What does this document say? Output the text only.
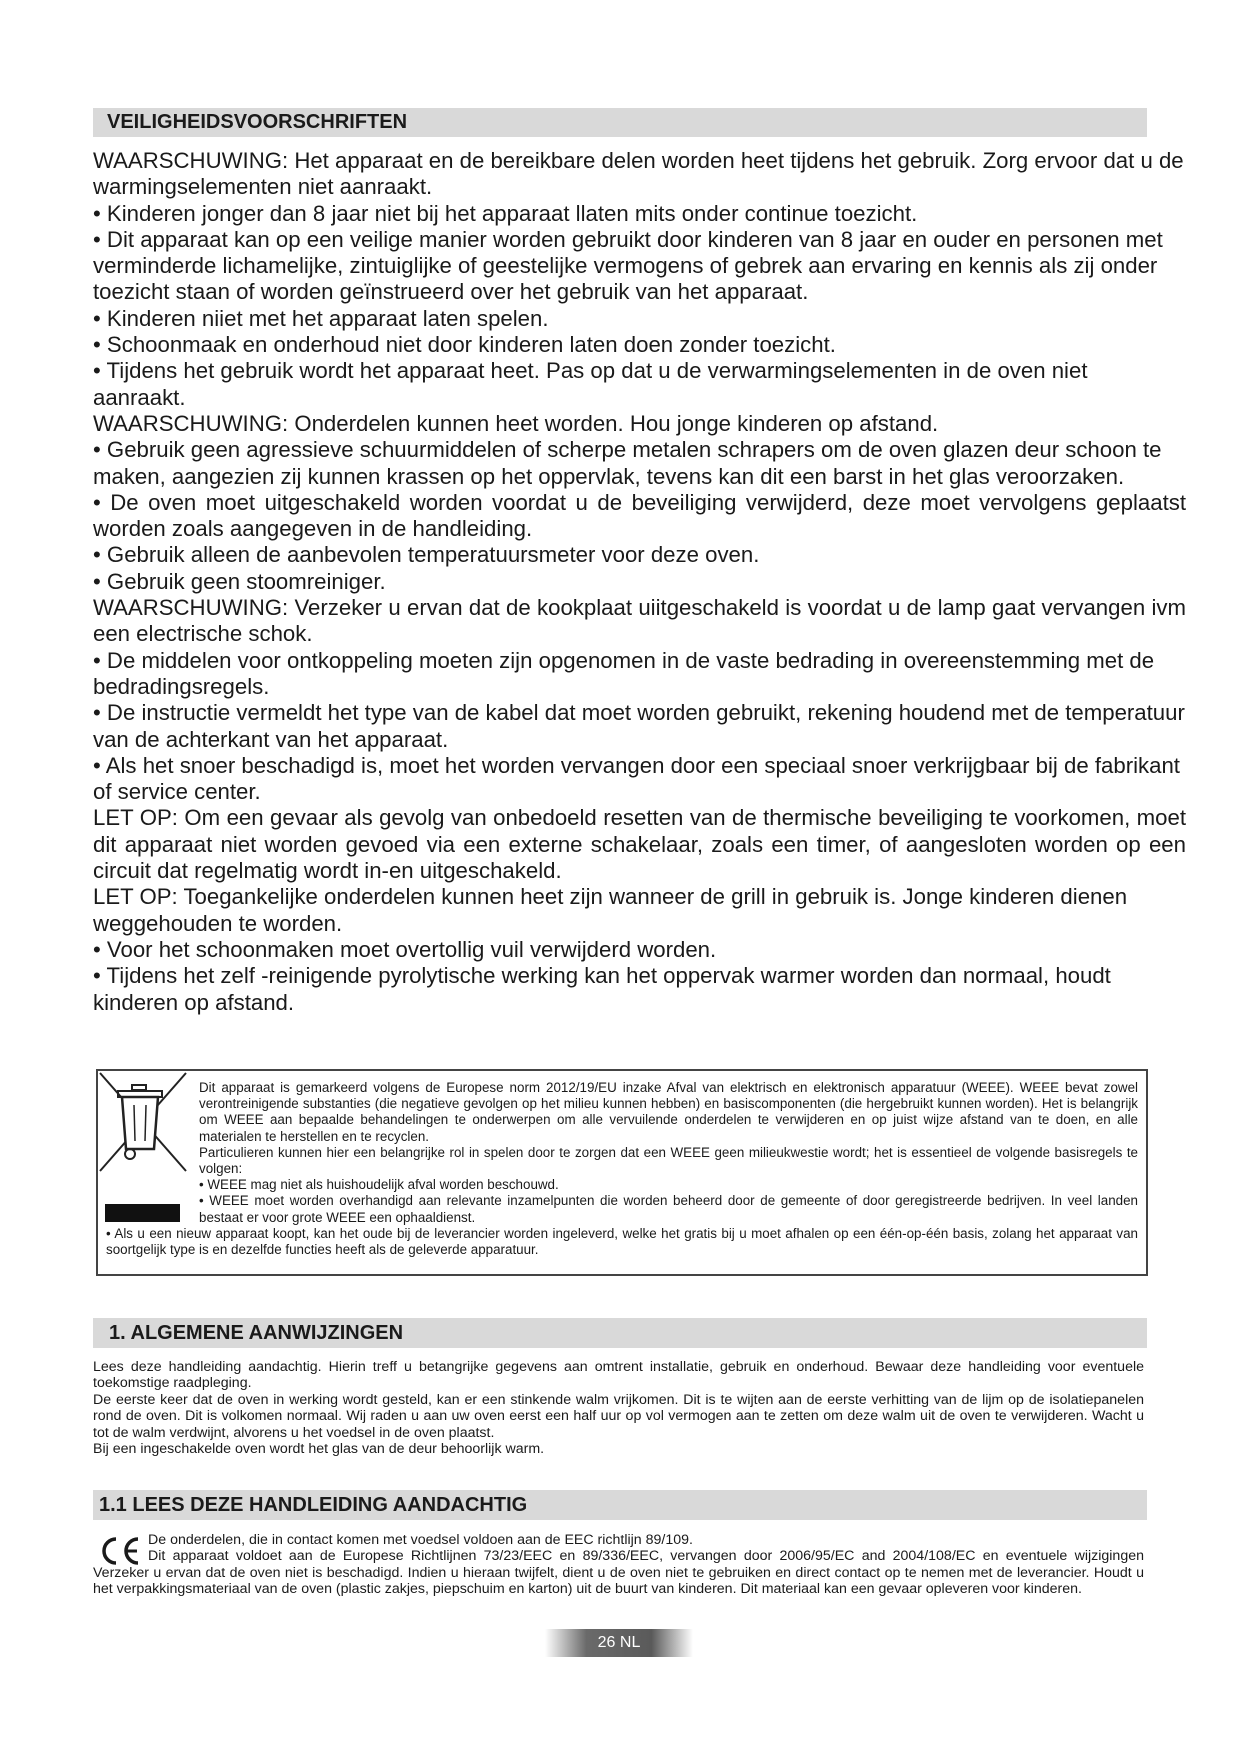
VEILIGHEIDSVOORSCHRIFTEN

WAARSCHUWING: Het apparaat en de bereikbare delen worden heet tijdens het gebruik. Zorg ervoor dat u de warmingselementen niet aanraakt.

• Kinderen jonger dan 8 jaar niet bij het apparaat llaten mits onder continue toezicht.

• Dit apparaat kan op een veilige manier worden gebruikt door kinderen van 8 jaar en ouder en personen met verminderde lichamelijke, zintuiglijke of geestelijke vermogens of gebrek aan ervaring en kennis als zij onder toezicht staan of worden geïnstrueerd over het gebruik van het apparaat.

• Kinderen niiet met het apparaat laten spelen.

• Schoonmaak en onderhoud niet door kinderen laten doen zonder toezicht.

• Tijdens het gebruik wordt het apparaat heet. Pas op dat u de verwarmingselementen in de oven niet aanraakt.

WAARSCHUWING: Onderdelen kunnen heet worden. Hou jonge kinderen op afstand.

• Gebruik geen agressieve schuurmiddelen of scherpe metalen schrapers om de oven glazen deur schoon te maken, aangezien zij kunnen krassen op het oppervlak, tevens kan dit een barst in het glas veroorzaken.

• De oven moet uitgeschakeld worden voordat u de beveiliging verwijderd, deze moet vervolgens geplaatst worden zoals aangegeven in de handleiding.

• Gebruik alleen de aanbevolen temperatuursmeter voor deze oven.

• Gebruik geen stoomreiniger.

WAARSCHUWING: Verzeker u ervan dat de kookplaat uiitgeschakeld is voordat u de lamp gaat vervangen ivm een electrische schok.

• De middelen voor ontkoppeling moeten zijn opgenomen in de vaste bedrading in overeenstemming met de bedradingsregels.

• De instructie vermeldt het type van de kabel dat moet worden gebruikt, rekening houdend met de temperatuur van de achterkant van het apparaat.

• Als het snoer beschadigd is, moet het worden vervangen door een speciaal snoer verkrijgbaar bij de fabrikant of service center.

LET OP: Om een gevaar als gevolg van onbedoeld resetten van de thermische beveiliging te voorkomen, moet dit apparaat niet worden gevoed via een externe schakelaar, zoals een timer, of aangesloten worden op een circuit dat regelmatig wordt in-en uitgeschakeld.

LET OP: Toegankelijke onderdelen kunnen heet zijn wanneer de grill in gebruik is. Jonge kinderen dienen weggehouden te worden.

• Voor het schoonmaken moet overtollig vuil verwijderd worden.

• Tijdens het zelf -reinigende pyrolytische werking kan het oppervak warmer worden dan normaal, houdt kinderen op afstand.

Dit apparaat is gemarkeerd volgens de Europese norm 2012/19/EU inzake Afval van elektrisch en elektronisch apparatuur (WEEE). WEEE bevat zowel verontreinigende substanties (die negatieve gevolgen op het milieu kunnen hebben) en basiscomponenten (die hergebruikt kunnen worden). Het is belangrijk om WEEE aan bepaalde behandelingen te onderwerpen om alle vervuilende onderdelen te verwijderen en op juist wijze afstand van te doen, en alle materialen te herstellen en te recyclen.

Particulieren kunnen hier een belangrijke rol in spelen door te zorgen dat een WEEE geen milieukwestie wordt; het is essentieel de volgende basisregels te volgen:

• WEEE mag niet als huishoudelijk afval worden beschouwd.

• WEEE moet worden overhandigd aan relevante inzamelpunten die worden beheerd door de gemeente of door geregistreerde bedrijven. In veel landen bestaat er voor grote WEEE een ophaaldienst.

• Als u een nieuw apparaat koopt, kan het oude bij de leverancier worden ingeleverd, welke het gratis bij u moet afhalen op een één-op-één basis, zolang het apparaat van soortgelijk type is en dezelfde functies heeft als de geleverde apparatuur.

1. ALGEMENE AANWIJZINGEN

Lees deze handleiding aandachtig. Hierin treff u betangrijke gegevens aan omtrent installatie, gebruik en onderhoud. Bewaar deze handleiding voor eventuele toekomstige raadpleging.

De eerste keer dat de oven in werking wordt gesteld, kan er een stinkende walm vrijkomen. Dit is te wijten aan de eerste verhitting van de lijm op de isolatiepanelen rond de oven. Dit is volkomen normaal. Wij raden u aan uw oven eerst een half uur op vol vermogen aan te zetten om deze walm uit de oven te verwijderen. Wacht u tot de walm verdwijnt, alvorens u het voedsel in de oven plaatst.

Bij een ingeschakelde oven wordt het glas van de deur behoorlijk warm.

1.1 LEES DEZE HANDLEIDING AANDACHTIG

De onderdelen, die in contact komen met voedsel voldoen aan de EEC richtlijn 89/109.

Dit apparaat voldoet aan de Europese Richtlijnen 73/23/EEC en 89/336/EEC, vervangen door 2006/95/EC and 2004/108/EC en eventuele wijzigingen Verzeker u ervan dat de oven niet is beschadigd. Indien u hieraan twijfelt, dient u de oven niet te gebruiken en direct contact op te nemen met de leverancier. Houdt u het verpakkingsmateriaal van de oven (plastic zakjes, piepschuim en karton) uit de buurt van kinderen. Dit materiaal kan een gevaar opleveren voor kinderen.

26 NL
